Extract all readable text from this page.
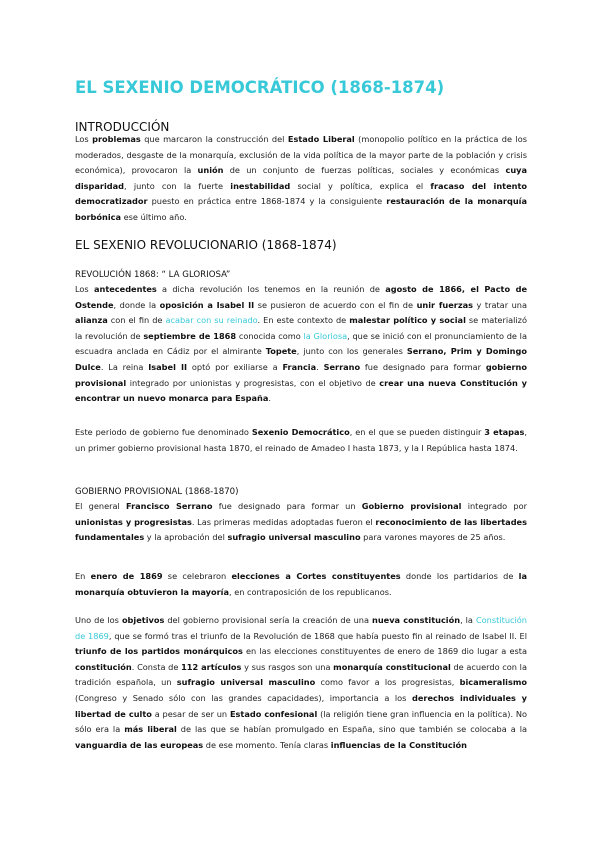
EL SEXENIO DEMOCRÁTICO (1868-1874)
INTRODUCCIÓN
Los problemas que marcaron la construcción del Estado Liberal (monopolio político en la práctica de los moderados, desgaste de la monarquía, exclusión de la vida política de la mayor parte de la población y crisis económica), provocaron la unión de un conjunto de fuerzas políticas, sociales y económicas cuya disparidad, junto con la fuerte inestabilidad social y política, explica el fracaso del intento democratizador puesto en práctica entre 1868-1874 y la consiguiente restauración de la monarquía borbónica ese último año.
EL SEXENIO REVOLUCIONARIO (1868-1874)
REVOLUCIÓN 1868: “ LA GLORIOSA”
Los antecedentes a dicha revolución los tenemos en la reunión de agosto de 1866, el Pacto de Ostende, donde la oposición a Isabel II se pusieron de acuerdo con el fin de unir fuerzas y tratar una alianza con el fin de acabar con su reinado. En este contexto de malestar político y social se materializó la revolución de septiembre de 1868 conocida como la Gloriosa, que se inició con el pronunciamiento de la escuadra anclada en Cádiz por el almirante Topete, junto con los generales Serrano, Prim y Domingo Dulce. La reina Isabel II optó por exiliarse a Francia. Serrano fue designado para formar gobierno provisional integrado por unionistas y progresistas, con el objetivo de crear una nueva Constitución y encontrar un nuevo monarca para España.
Este periodo de gobierno fue denominado Sexenio Democrático, en el que se pueden distinguir 3 etapas, un primer gobierno provisional hasta 1870, el reinado de Amadeo I hasta 1873, y la I República hasta 1874.
GOBIERNO PROVISIONAL (1868-1870)
El general Francisco Serrano fue designado para formar un Gobierno provisional integrado por unionistas y progresistas. Las primeras medidas adoptadas fueron el reconocimiento de las libertades fundamentales y la aprobación del sufragio universal masculino para varones mayores de 25 años.
En enero de 1869 se celebraron elecciones a Cortes constituyentes donde los partidarios de la monarquía obtuvieron la mayoría, en contraposición de los republicanos.
Uno de los objetivos del gobierno provisional sería la creación de una nueva constitución, la Constitución de 1869, que se formó tras el triunfo de la Revolución de 1868 que había puesto fin al reinado de Isabel II. El triunfo de los partidos monárquicos en las elecciones constituyentes de enero de 1869 dio lugar a esta constitución. Consta de 112 artículos y sus rasgos son una monarquía constitucional de acuerdo con la tradición española, un sufragio universal masculino como favor a los progresistas, bicameralismo (Congreso y Senado sólo con las grandes capacidades), importancia a los derechos individuales y libertad de culto a pesar de ser un Estado confesional (la religión tiene gran influencia en la política). No sólo era la más liberal de las que se habían promulgado en España, sino que también se colocaba a la vanguardia de las europeas de ese momento. Tenía claras influencias de la Constitución
